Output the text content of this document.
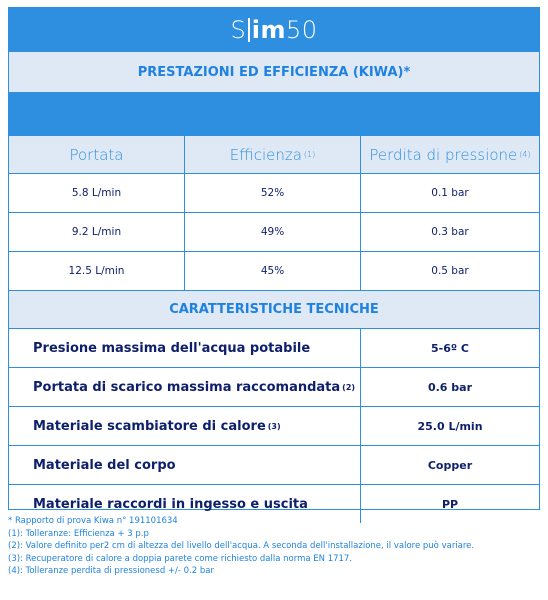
S im 50
PRESTAZIONI ED EFFICIENZA (KIWA)*
Portata	Efficienza (1)	Perdita di pressione (4)
5.8 L/min	52%	0.1 bar
9.2 L/min	49%	0.3 bar
12.5 L/min	45%	0.5 bar
CARATTERISTICHE TECNICHE
Presione massima dell'acqua potabile	5-6º C
Portata di scarico massima raccomandata (2)	0.6 bar
Materiale scambiatore di calore (3)	25.0 L/min
Materiale del corpo	Copper
Materiale raccordi in ingesso e uscita	PP
* Rapporto di prova Kiwa n° 191101634
(1): Tolleranze: Efficienza + 3 p.p
(2): Valore definito per2 cm di altezza del livello dell'acqua. A seconda dell'installazione, il valore può variare.
(3): Recuperatore di calore a doppia parete come richiesto dalla norma EN 1717.
(4): Tolleranze perdita di pressionesd +/- 0.2 bar
